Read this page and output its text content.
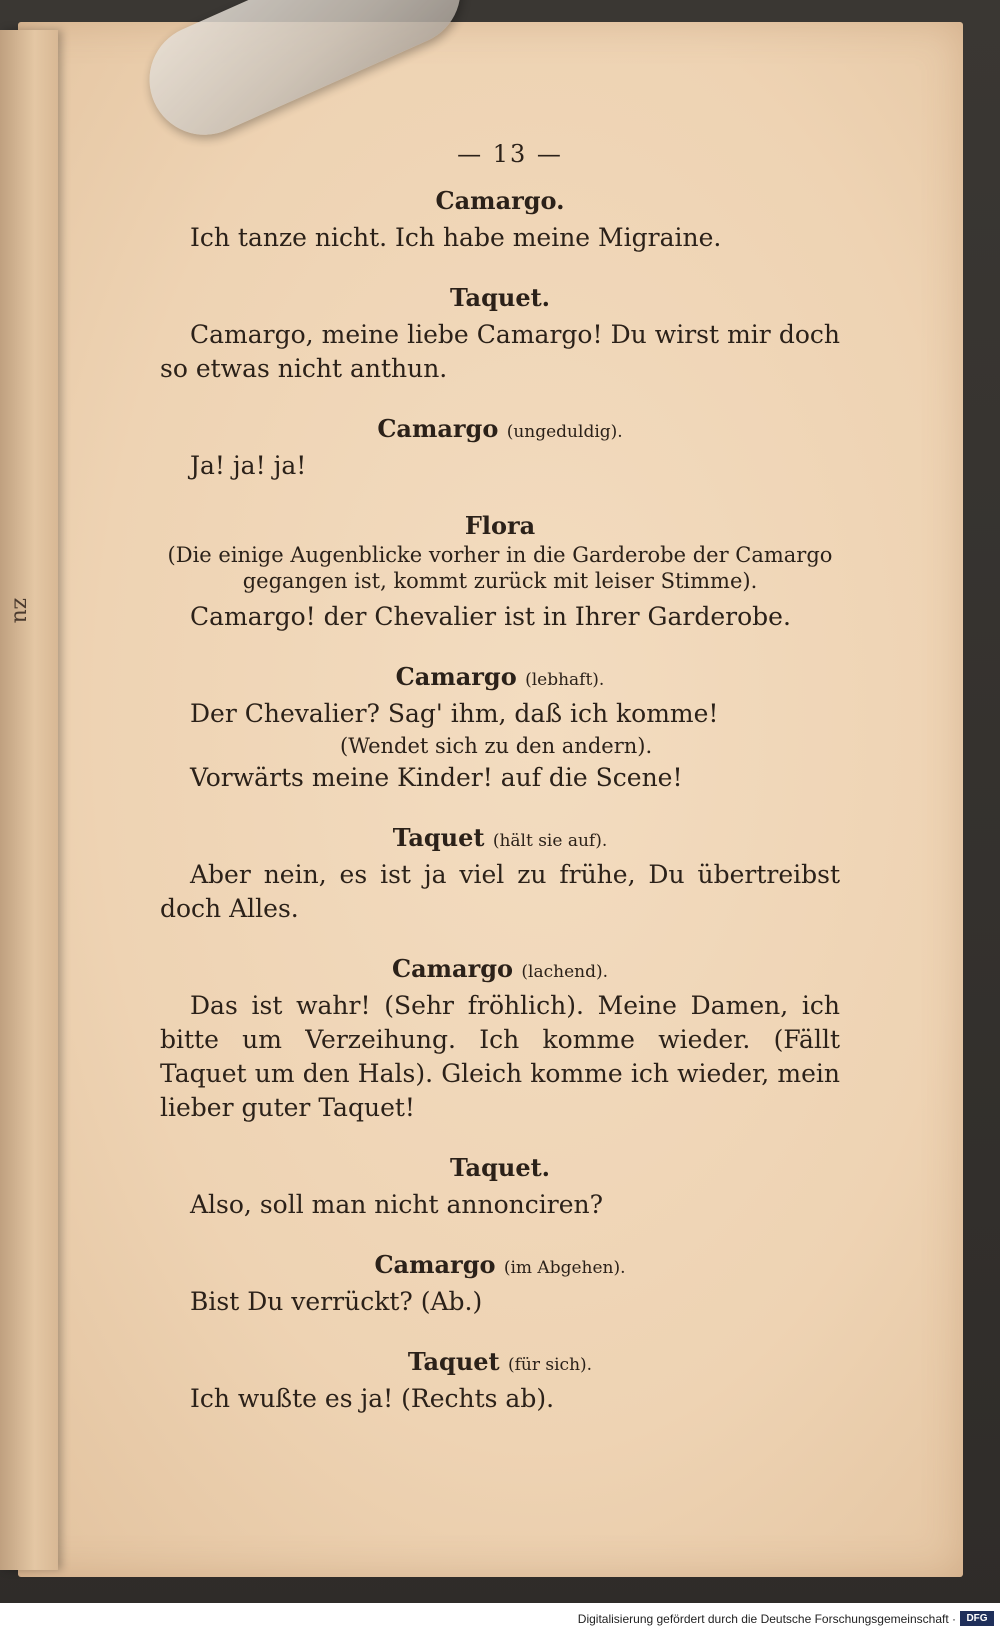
zu
— 13 —
Camargo.
Ich tanze nicht. Ich habe meine Migraine.
Taquet.
Camargo, meine liebe Camargo! Du wirst mir doch so etwas nicht anthun.
Camargo (ungeduldig).
Ja! ja! ja!
Flora
(Die einige Augenblicke vorher in die Garderobe der Camargo gegangen ist, kommt zurück mit leiser Stimme).
Camargo! der Chevalier ist in Ihrer Garderobe.
Camargo (lebhaft).
Der Chevalier? Sag' ihm, daß ich komme!
(Wendet sich zu den andern).
Vorwärts meine Kinder! auf die Scene!
Taquet (hält sie auf).
Aber nein, es ist ja viel zu frühe, Du übertreibst doch Alles.
Camargo (lachend).
Das ist wahr! (Sehr fröhlich). Meine Damen, ich bitte um Verzeihung. Ich komme wieder. (Fällt Taquet um den Hals). Gleich komme ich wieder, mein lieber guter Taquet!
Taquet.
Also, soll man nicht annonciren?
Camargo (im Abgehen).
Bist Du verrückt? (Ab.)
Taquet (für sich).
Ich wußte es ja! (Rechts ab).
Digitalisierung gefördert durch die Deutsche Forschungsgemeinschaft ·	DFG
